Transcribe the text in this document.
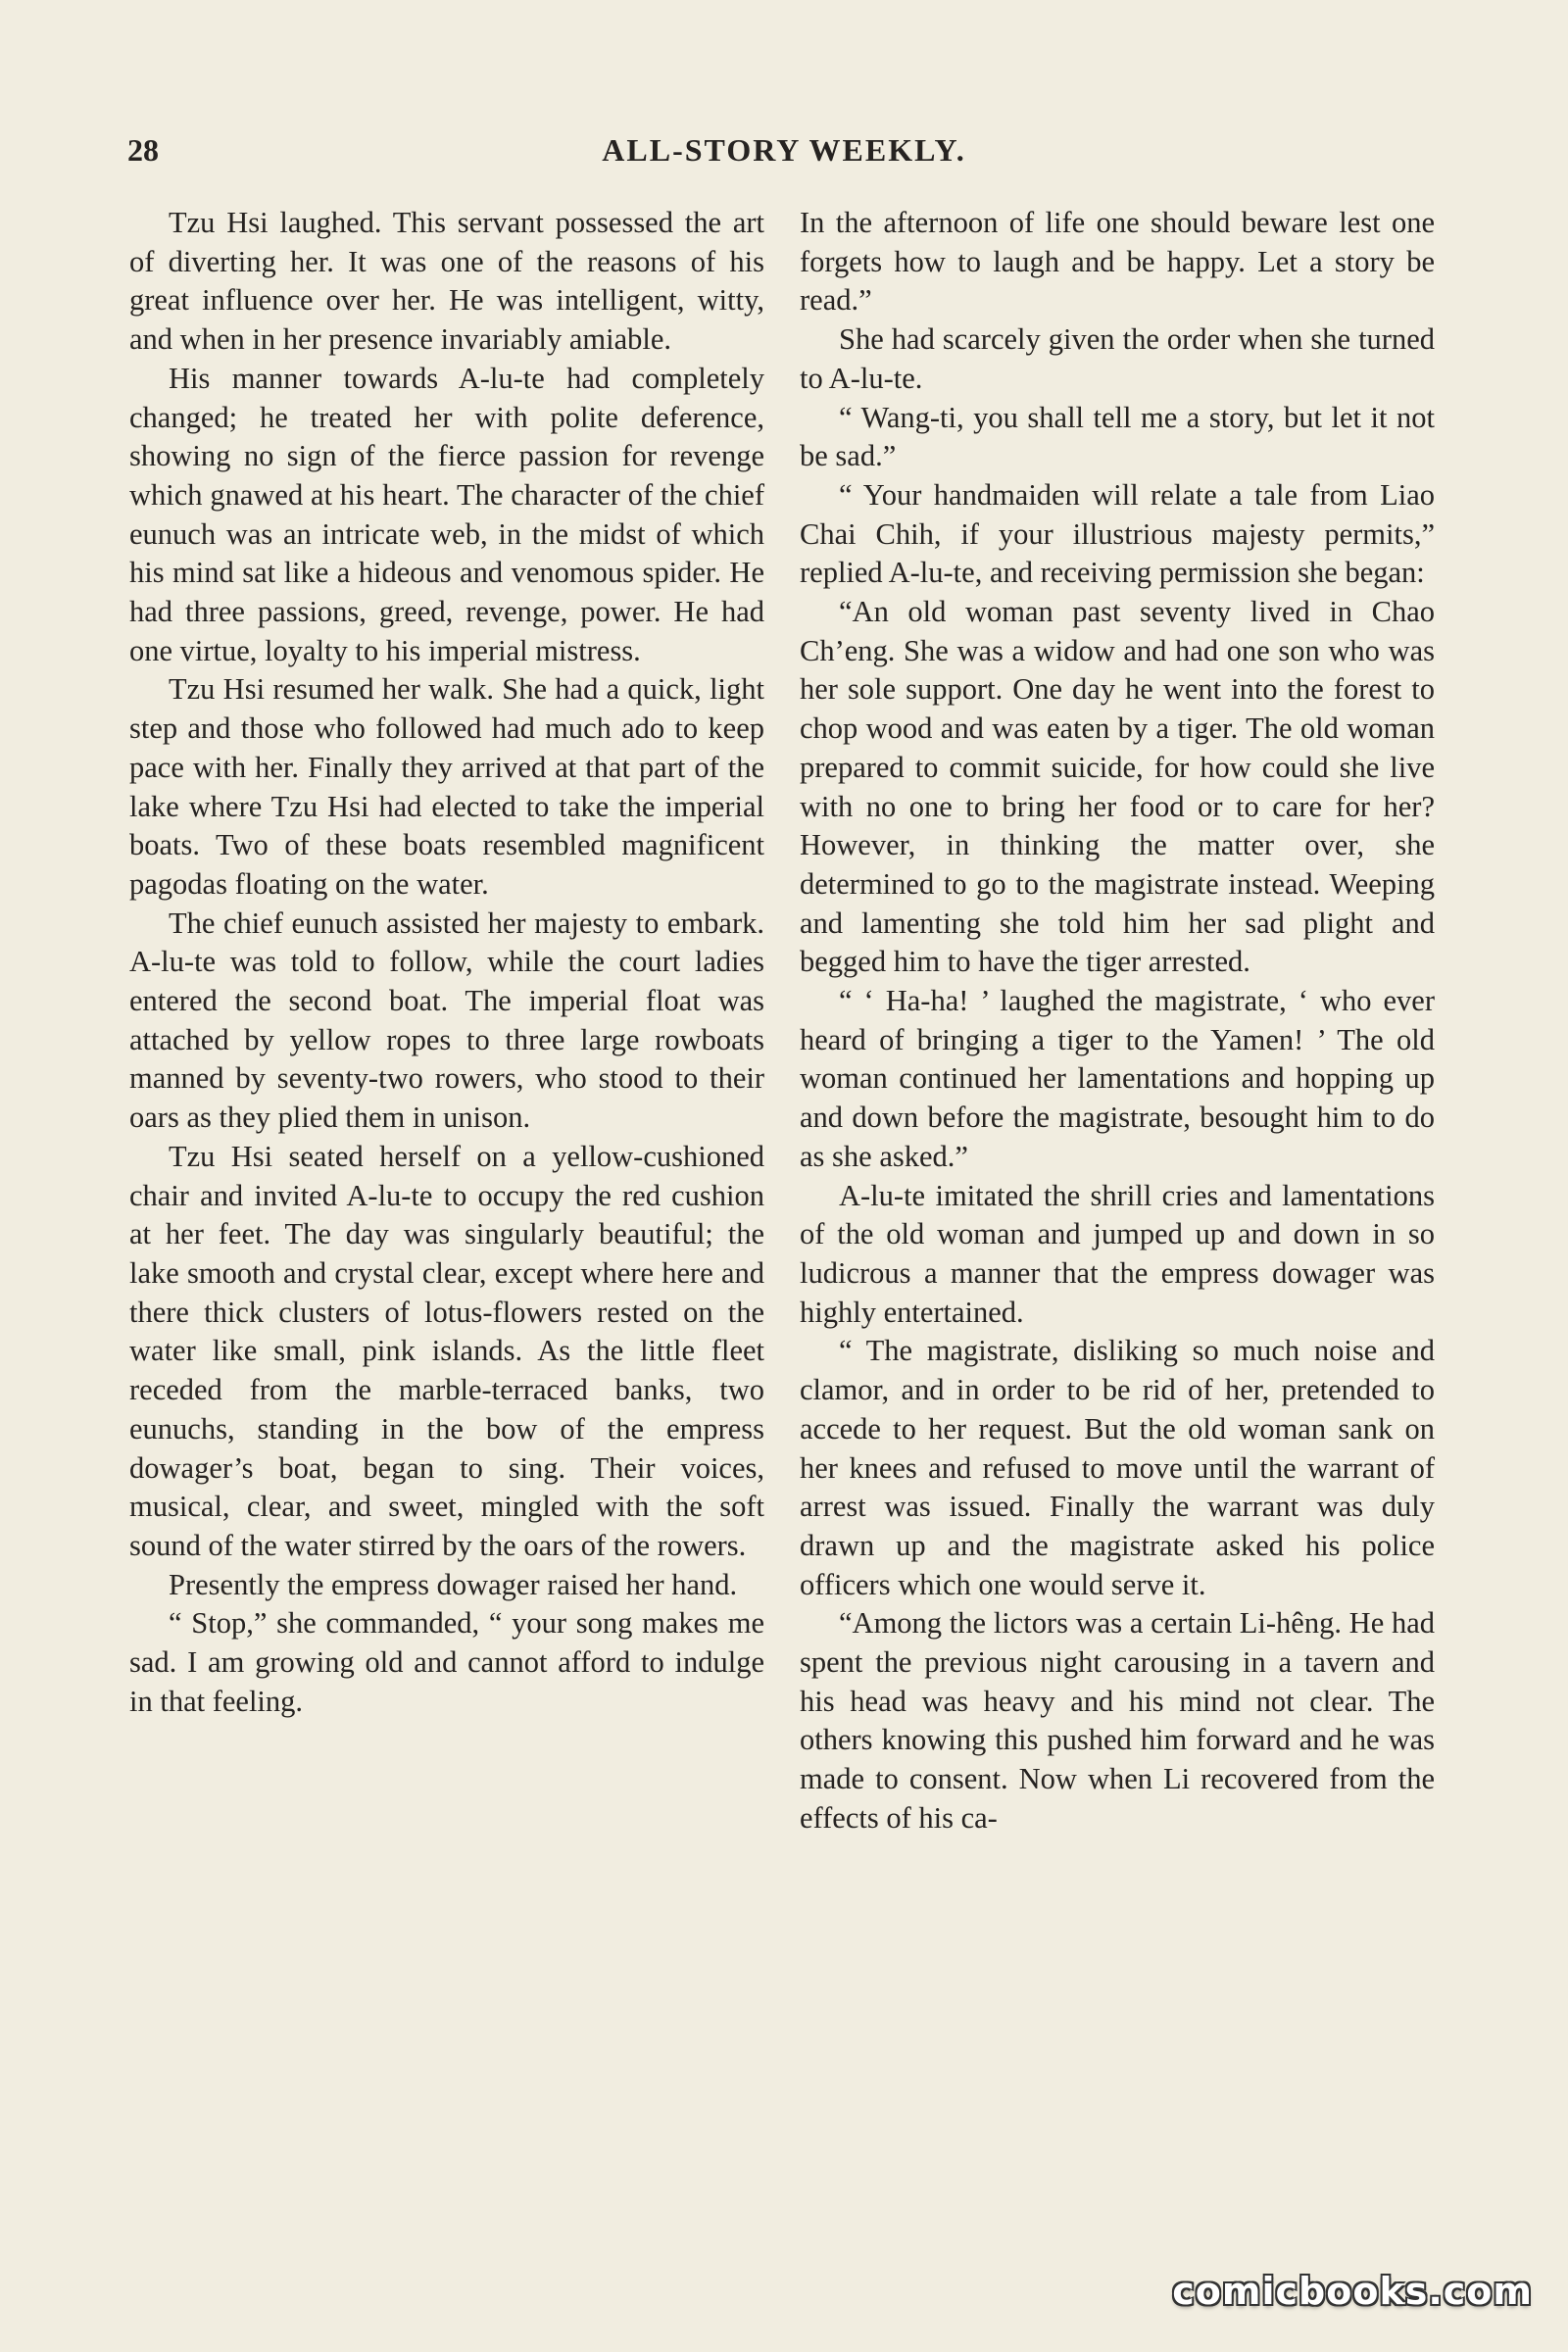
28	ALL-STORY WEEKLY.

Tzu Hsi laughed. This servant possessed the art of diverting her. It was one of the reasons of his great influence over her. He was intelligent, witty, and when in her presence invariably amiable.

His manner towards A-lu-te had completely changed; he treated her with polite deference, showing no sign of the fierce passion for revenge which gnawed at his heart. The character of the chief eunuch was an intricate web, in the midst of which his mind sat like a hideous and venomous spider. He had three passions, greed, revenge, power. He had one virtue, loyalty to his imperial mistress.

Tzu Hsi resumed her walk. She had a quick, light step and those who followed had much ado to keep pace with her. Finally they arrived at that part of the lake where Tzu Hsi had elected to take the imperial boats. Two of these boats resembled magnificent pagodas floating on the water.

The chief eunuch assisted her majesty to embark. A-lu-te was told to follow, while the court ladies entered the second boat. The imperial float was attached by yellow ropes to three large rowboats manned by seventy-two rowers, who stood to their oars as they plied them in unison.

Tzu Hsi seated herself on a yellow-cushioned chair and invited A-lu-te to occupy the red cushion at her feet. The day was singularly beautiful; the lake smooth and crystal clear, except where here and there thick clusters of lotus-flowers rested on the water like small, pink islands. As the little fleet receded from the marble-terraced banks, two eunuchs, standing in the bow of the empress dowager’s boat, began to sing. Their voices, musical, clear, and sweet, mingled with the soft sound of the water stirred by the oars of the rowers.

Presently the empress dowager raised her hand.

“ Stop,” she commanded, “ your song makes me sad. I am growing old and cannot afford to indulge in that feeling.

In the afternoon of life one should beware lest one forgets how to laugh and be happy. Let a story be read.”

She had scarcely given the order when she turned to A-lu-te.

“ Wang-ti, you shall tell me a story, but let it not be sad.”

“ Your handmaiden will relate a tale from Liao Chai Chih, if your illustrious majesty permits,” replied A-lu-te, and receiving permission she began:

“An old woman past seventy lived in Chao Ch’eng. She was a widow and had one son who was her sole support. One day he went into the forest to chop wood and was eaten by a tiger. The old woman prepared to commit suicide, for how could she live with no one to bring her food or to care for her? However, in thinking the matter over, she determined to go to the magistrate instead. Weeping and lamenting she told him her sad plight and begged him to have the tiger arrested.

“ ‘ Ha-ha! ’ laughed the magistrate, ‘ who ever heard of bringing a tiger to the Yamen! ’ The old woman continued her lamentations and hopping up and down before the magistrate, besought him to do as she asked.”

A-lu-te imitated the shrill cries and lamentations of the old woman and jumped up and down in so ludicrous a manner that the empress dowager was highly entertained.

“ The magistrate, disliking so much noise and clamor, and in order to be rid of her, pretended to accede to her request. But the old woman sank on her knees and refused to move until the warrant of arrest was issued. Finally the warrant was duly drawn up and the magistrate asked his police officers which one would serve it.

“Among the lictors was a certain Li-hêng. He had spent the previous night carousing in a tavern and his head was heavy and his mind not clear. The others knowing this pushed him forward and he was made to consent. Now when Li recovered from the effects of his ca-

comicbooks.com
